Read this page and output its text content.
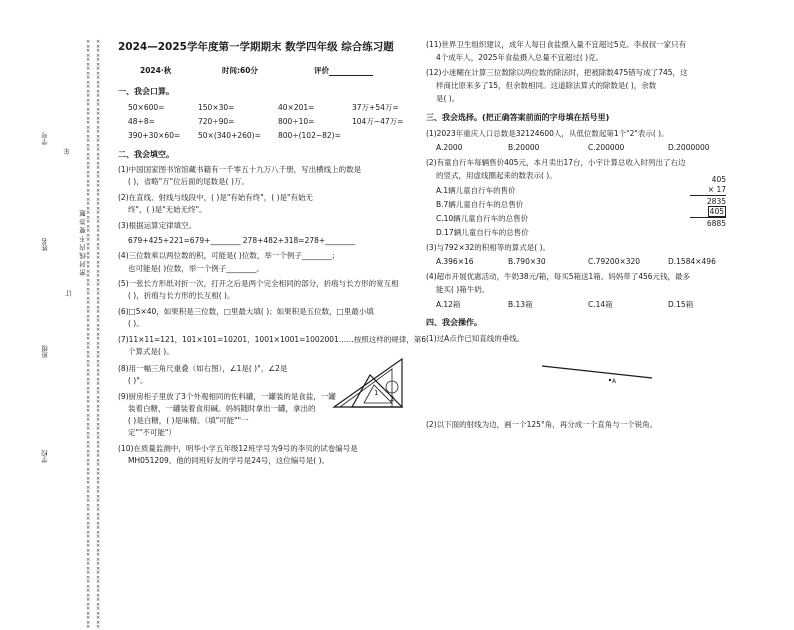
×××××××××××××××××××××××××××××××××××××××××××××××××××××××××××××××××××××××××××××××××××××××××××××××××××××××××××××××××××××××××××××××××××
×××××××××××××××××××××××××××××××××××××××××××××××××××××××××××××××××××××××××××××××××××××××××××××××××××××××××××××××××××××××××××××××××××
密 封 线 内 不 要 答 题
学号
姓名
班级
年
学校
订
2024—2025学年度第一学期期末 数学四年级 综合练习题
2024·秋	时间:60分	评价
一、我会口算。
50×600=	150×30=	40×201=	37万+54万=
48÷8=	720÷90=	800÷10=	104万−47万=
390+30×60= 50×(340+260)= 800÷(102−82)=
二、我会填空。
(1)中国国家图书馆馆藏书籍有一千零五十九万八千册，写出横线上的数是
( )，省略"万"位后面的尾数是( )万。
(2)在直线、射线与线段中，( )是"有始有终"，( )是"有始无
终"，( )是"无始无终"。
(3)根据运算定律填空。
679+425+221=679+________ 278+482+318=278+________
(4)三位数乘以两位数的积，可能是( )位数，举一个例子________；
也可能是( )位数，举一个例子________。
(5)一张长方形纸对折一次，打开之后是两个完全相同的部分，折痕与长方形的宽互相
( )，折痕与长方形的长互相( )。
(6)□5×40，如果积是三位数，□里最大填( )；如果积是五位数，□里最小填
( )。
(7)11×11=121，101×101=10201，1001×1001=1002001……按照这样的规律，第6
个算式是( )。
(8)用一幅三角尺重叠（如右图），∠1是( )°，∠2是
( )°。
(9)厨房柜子里放了3个外观相同的佐料罐，一罐装的是食盐，一罐
装着白糖，一罐装着食用碱。妈妈随时拿出一罐，拿出的
( )是白糖，( )是味精。（填"可能""一
定""不可能"）
(10)在质量监测中，明华小学五年级12班学号为9号的李贝的试卷编号是
MH051209。他的同班好友的学号是24号，这位编号是( )。
1
2
(11)世界卫生组织建议，成年人每日食盐摄入量不宜超过5克。李叔叔一家只有
4个成年人，2025年食盐摄入总量不宜超过( )克。
(12)小迷糊在计算三位数除以两位数的除法时，把被除数475错写成了745，这
样商比原来多了15，但余数相同。这道除法算式的除数是( )，余数
是( )。
三、我会选择。(把正确答案前面的字母填在括号里)
(1)2023年重庆人口总数是32124600人，从低位数起第1个"2"表示( )。
A.2000	B.20000	C.200000	D.2000000
(2)有童自行车每辆售价405元，本月卖出17台，小宇计算总收入时列出了右边
的竖式，用虚线圈起来的数表示( )。
A.1辆儿童自行车的售价
B.7辆儿童自行车的总售价
C.10辆儿童自行车的总售价
D.17辆儿童自行车的总售价
405
× 17
2835
405
6885
(3)与792×32的积相等的算式是( )。
A.396×16	B.790×30	C.79200×320	D.1584×496
(4)超市开展优惠活动，牛奶38元/箱，每买5箱送1箱。妈妈带了456元钱，最多
能买( )箱牛奶。
A.12箱	B.13箱	C.14箱	D.15箱
四、我会操作。
(1)过A点作已知直线的垂线。
A
(2)以下面的射线为边，画一个125°角，再分成一个直角与一个锐角。
